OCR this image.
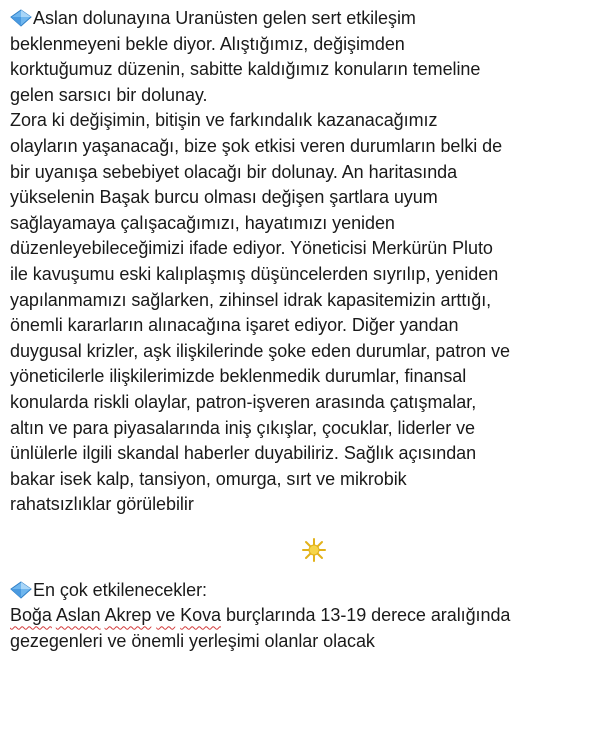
Aslan dolunayına Uranüsten gelen sert etkileşim
beklenmeyeni bekle diyor. Alıştığımız, değişimden
korktuğumuz düzenin, sabitte kaldığımız konuların temeline
gelen sarsıcı bir dolunay.
Zora ki değişimin, bitişin ve farkındalık kazanacağımız
olayların yaşanacağı, bize şok etkisi veren durumların belki de
bir uyanışa sebebiyet olacağı bir dolunay. An haritasında
yükselenin Başak burcu olması değişen şartlara uyum
sağlayamaya çalışacağımızı, hayatımızı yeniden
düzenleyebileceğimizi ifade ediyor. Yöneticisi Merkürün Pluto
ile kavuşumu eski kalıplaşmış düşüncelerden sıyrılıp, yeniden
yapılanmamızı sağlarken, zihinsel idrak kapasitemizin arttığı,
önemli kararların alınacağına işaret ediyor. Diğer yandan
duygusal krizler, aşk ilişkilerinde şoke eden durumlar, patron ve
yöneticilerle ilişkilerimizde beklenmedik durumlar, finansal
konularda riskli olaylar, patron-işveren arasında çatışmalar,
altın ve para piyasalarında iniş çıkışlar, çocuklar, liderler ve
ünlülerle ilgili skandal haberler duyabiliriz. Sağlık açısından
bakar isek kalp, tansiyon, omurga, sırt ve mikrobik
rahatsızlıklar görülebilir
En çok etkilenecekler:
Boğa Aslan Akrep ve Kova burçlarında 13-19 derece aralığında
gezegenleri ve önemli yerleşimi olanlar olacak
